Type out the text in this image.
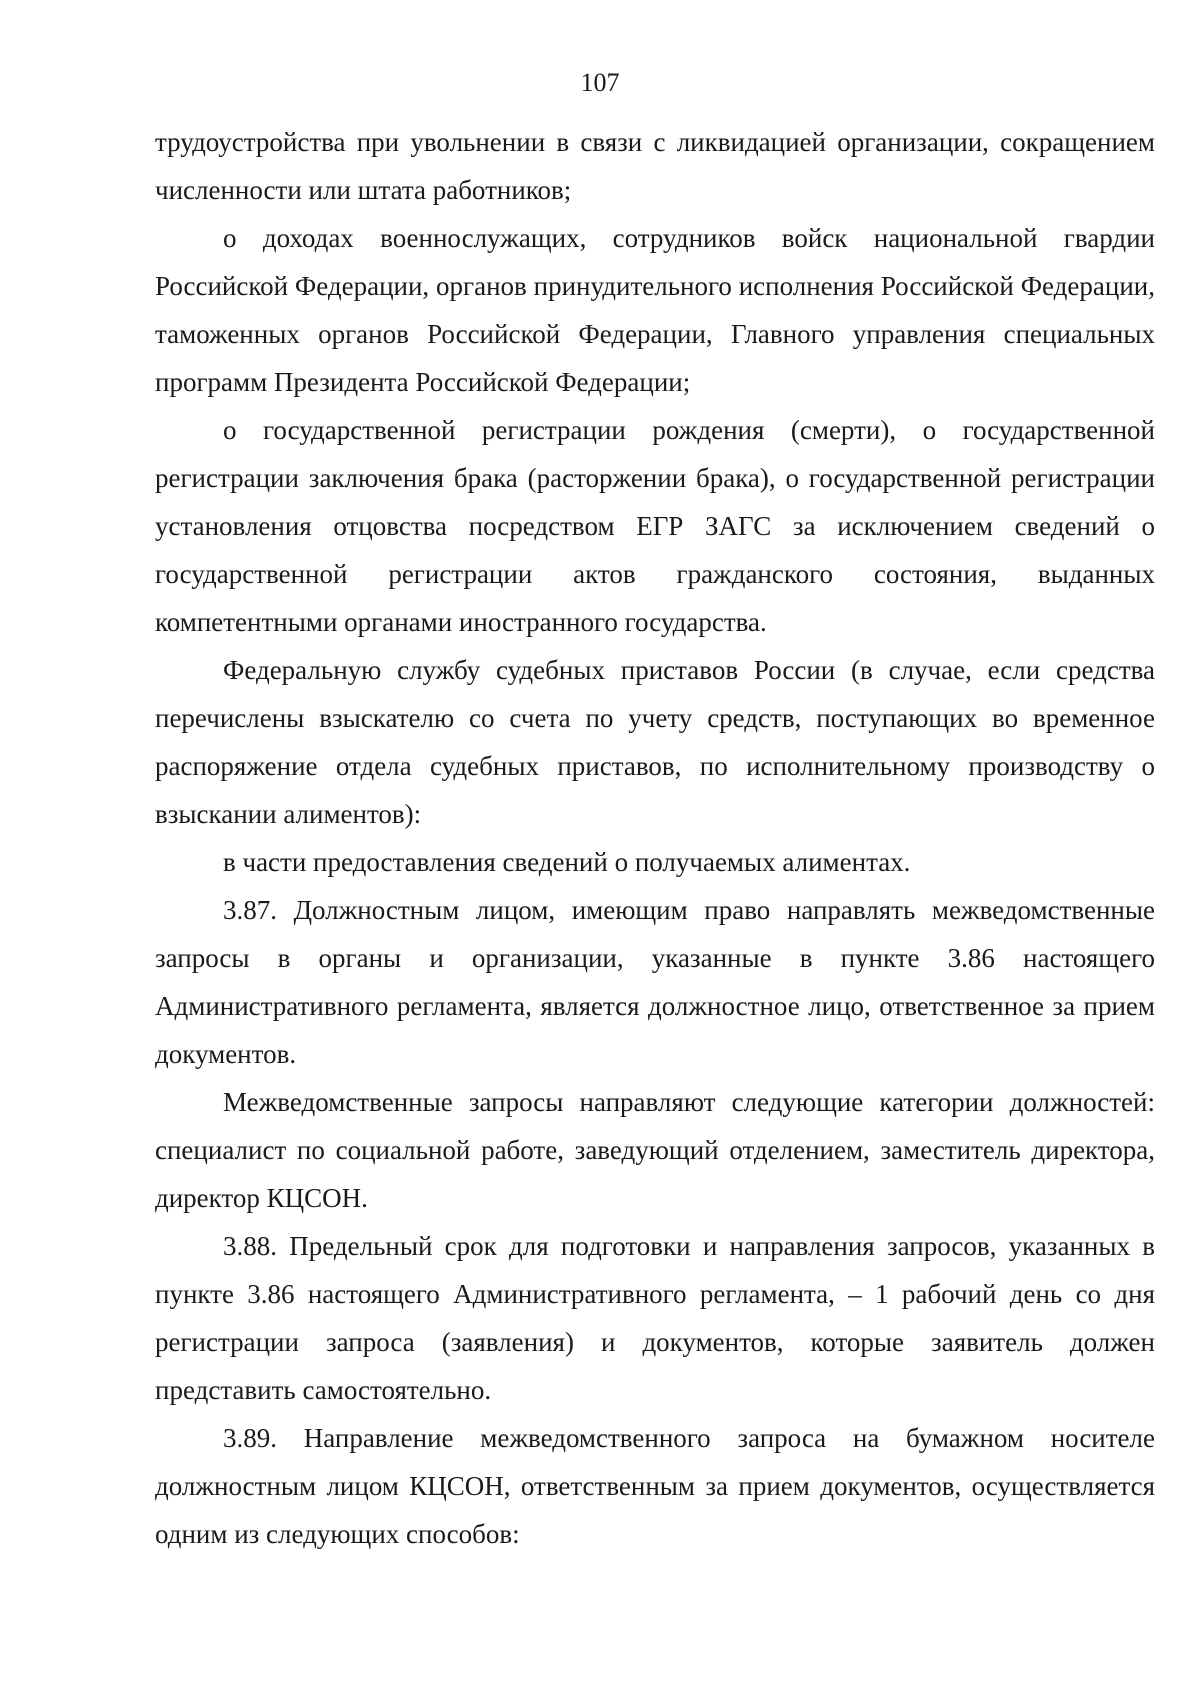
107

трудоустройства при увольнении в связи с ликвидацией организации, сокращением численности или штата работников;

о доходах военнослужащих, сотрудников войск национальной гвардии Российской Федерации, органов принудительного исполнения Российской Федерации, таможенных органов Российской Федерации, Главного управления специальных программ Президента Российской Федерации;

о государственной регистрации рождения (смерти), о государственной регистрации заключения брака (расторжении брака), о государственной регистрации установления отцовства посредством ЕГР ЗАГС за исключением сведений о государственной регистрации актов гражданского состояния, выданных компетентными органами иностранного государства.

Федеральную службу судебных приставов России (в случае, если средства перечислены взыскателю со счета по учету средств, поступающих во временное распоряжение отдела судебных приставов, по исполнительному производству о взыскании алиментов):

в части предоставления сведений о получаемых алиментах.

3.87. Должностным лицом, имеющим право направлять межведомственные запросы в органы и организации, указанные в пункте 3.86 настоящего Административного регламента, является должностное лицо, ответственное за прием документов.

Межведомственные запросы направляют следующие категории должностей: специалист по социальной работе, заведующий отделением, заместитель директора, директор КЦСОН.

3.88. Предельный срок для подготовки и направления запросов, указанных в пункте 3.86 настоящего Административного регламента, – 1 рабочий день со дня регистрации запроса (заявления) и документов, которые заявитель должен представить самостоятельно.

3.89. Направление межведомственного запроса на бумажном носителе должностным лицом КЦСОН, ответственным за прием документов, осуществляется одним из следующих способов:
